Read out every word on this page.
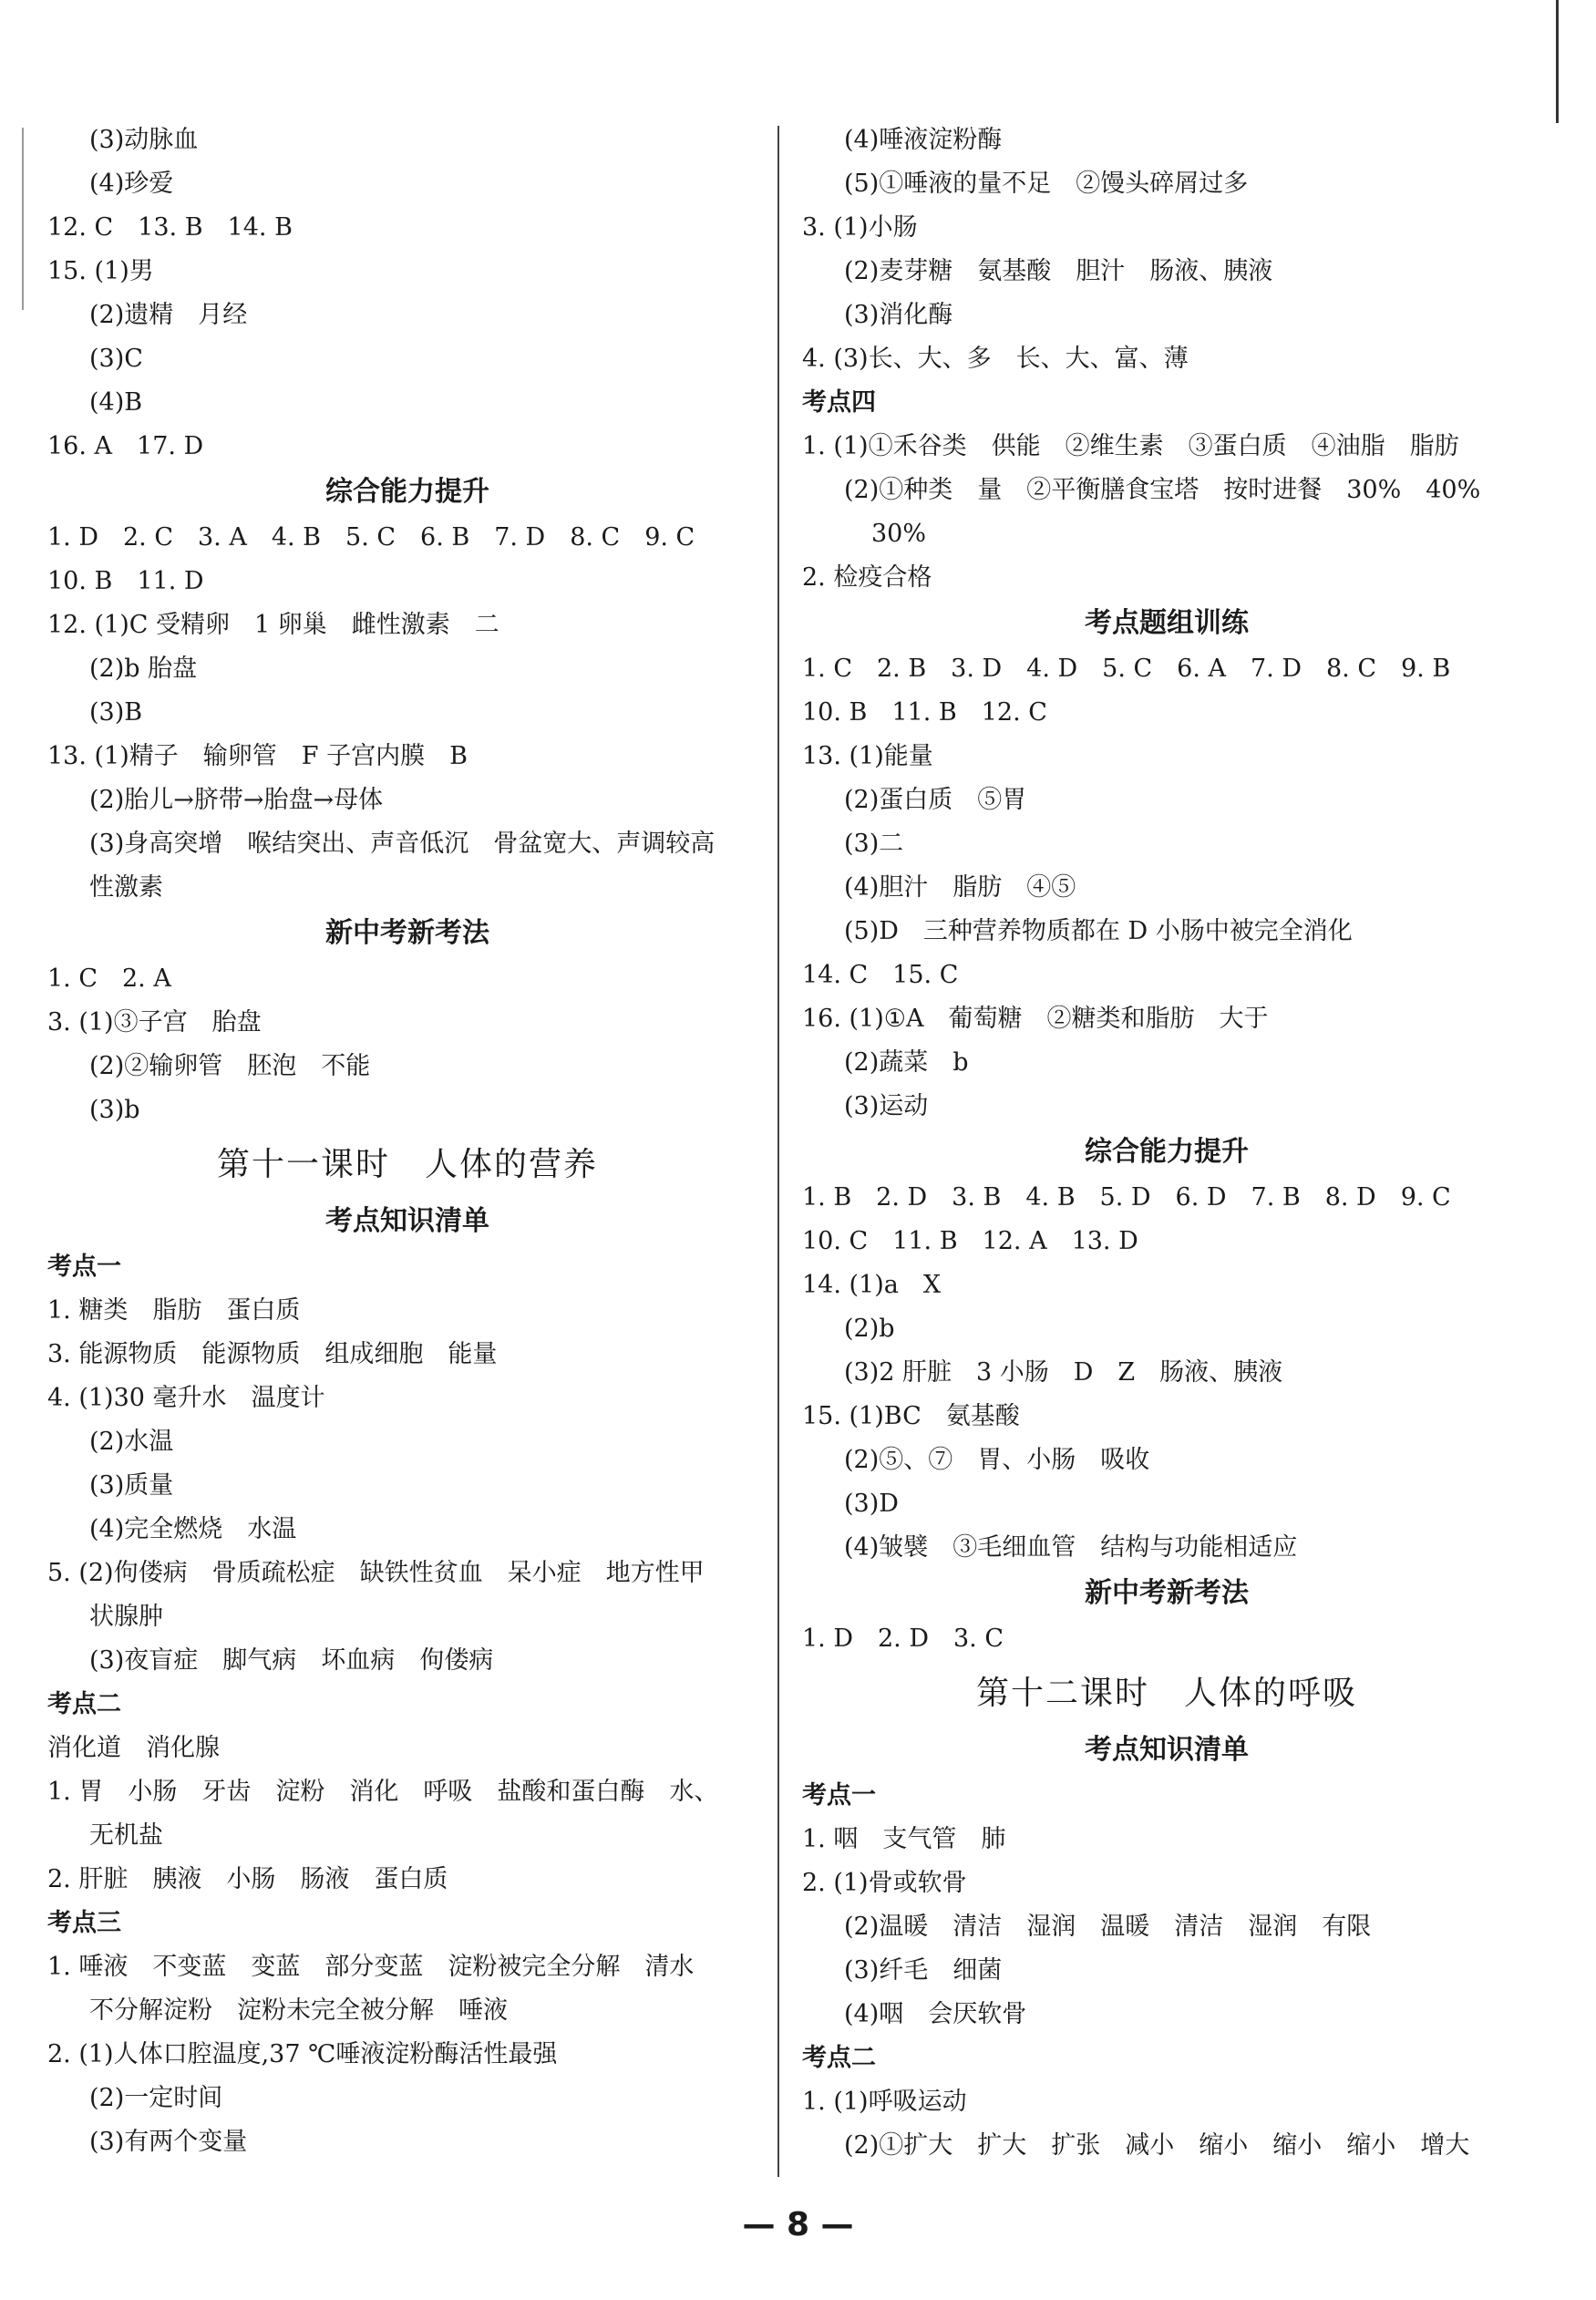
(3)动脉血
(4)珍爱
12. C　13. B　14. B
15. (1)男
(2)遗精　月经
(3)C
(4)B
16. A　17. D
综合能力提升
1. D　2. C　3. A　4. B　5. C　6. B　7. D　8. C　9. C
10. B　11. D
12. (1)C 受精卵　1 卵巢　雌性激素　二
(2)b 胎盘
(3)B
13. (1)精子　输卵管　F 子宫内膜　B
(2)胎儿→脐带→胎盘→母体
(3)身高突增　喉结突出、声音低沉　骨盆宽大、声调较高
性激素
新中考新考法
1. C　2. A
3. (1)③子宫　胎盘
(2)②输卵管　胚泡　不能
(3)b
第十一课时　人体的营养
考点知识清单
考点一
1. 糖类　脂肪　蛋白质
3. 能源物质　能源物质　组成细胞　能量
4. (1)30 毫升水　温度计
(2)水温
(3)质量
(4)完全燃烧　水温
5. (2)佝偻病　骨质疏松症　缺铁性贫血　呆小症　地方性甲
状腺肿
(3)夜盲症　脚气病　坏血病　佝偻病
考点二
消化道　消化腺
1. 胃　小肠　牙齿　淀粉　消化　呼吸　盐酸和蛋白酶　水、
无机盐
2. 肝脏　胰液　小肠　肠液　蛋白质
考点三
1. 唾液　不变蓝　变蓝　部分变蓝　淀粉被完全分解　清水
不分解淀粉　淀粉未完全被分解　唾液
2. (1)人体口腔温度,37 ℃唾液淀粉酶活性最强
(2)一定时间
(3)有两个变量
(4)唾液淀粉酶
(5)①唾液的量不足　②馒头碎屑过多
3. (1)小肠
(2)麦芽糖　氨基酸　胆汁　肠液、胰液
(3)消化酶
4. (3)长、大、多　长、大、富、薄
考点四
1. (1)①禾谷类　供能　②维生素　③蛋白质　④油脂　脂肪
(2)①种类　量　②平衡膳食宝塔　按时进餐　30%　40%
30%
2. 检疫合格
考点题组训练
1. C　2. B　3. D　4. D　5. C　6. A　7. D　8. C　9. B
10. B　11. B　12. C
13. (1)能量
(2)蛋白质　⑤胃
(3)二
(4)胆汁　脂肪　④⑤
(5)D　三种营养物质都在 D 小肠中被完全消化
14. C　15. C
16. (1)①A　葡萄糖　②糖类和脂肪　大于
(2)蔬菜　b
(3)运动
综合能力提升
1. B　2. D　3. B　4. B　5. D　6. D　7. B　8. D　9. C
10. C　11. B　12. A　13. D
14. (1)a　X
(2)b
(3)2 肝脏　3 小肠　D　Z　肠液、胰液
15. (1)BC　氨基酸
(2)⑤、⑦　胃、小肠　吸收
(3)D
(4)皱襞　③毛细血管　结构与功能相适应
新中考新考法
1. D　2. D　3. C
第十二课时　人体的呼吸
考点知识清单
考点一
1. 咽　支气管　肺
2. (1)骨或软骨
(2)温暖　清洁　湿润　温暖　清洁　湿润　有限
(3)纤毛　细菌
(4)咽　会厌软骨
考点二
1. (1)呼吸运动
(2)①扩大　扩大　扩张　减小　缩小　缩小　缩小　增大
— 8 —
